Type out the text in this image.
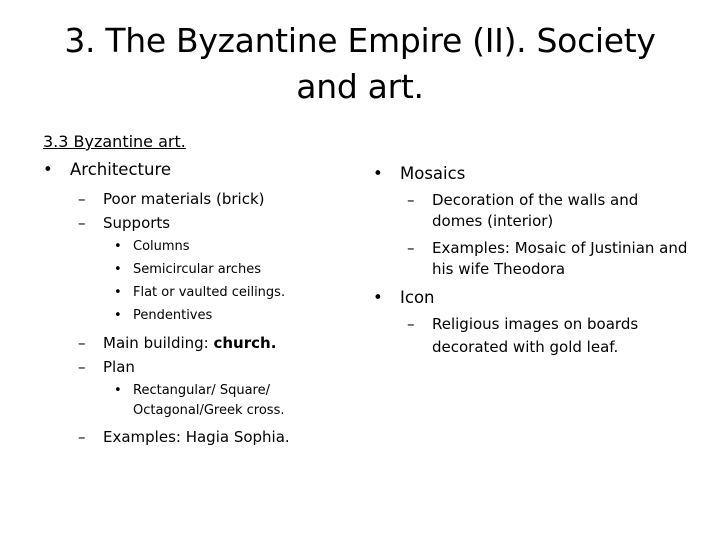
3. The Byzantine Empire (II). Society
and art.
3.3 Byzantine art.
• Architecture
– Poor materials (brick)
– Supports
• Columns
• Semicircular arches
• Flat or vaulted ceilings.
• Pendentives
– Main building: church.
– Plan
• Rectangular/ Square/
Octagonal/Greek cross.
– Examples: Hagia Sophia.
• Mosaics
– Decoration of the walls and
domes (interior)
– Examples: Mosaic of Justinian and
his wife Theodora
• Icon
– Religious images on boards
decorated with gold leaf.
